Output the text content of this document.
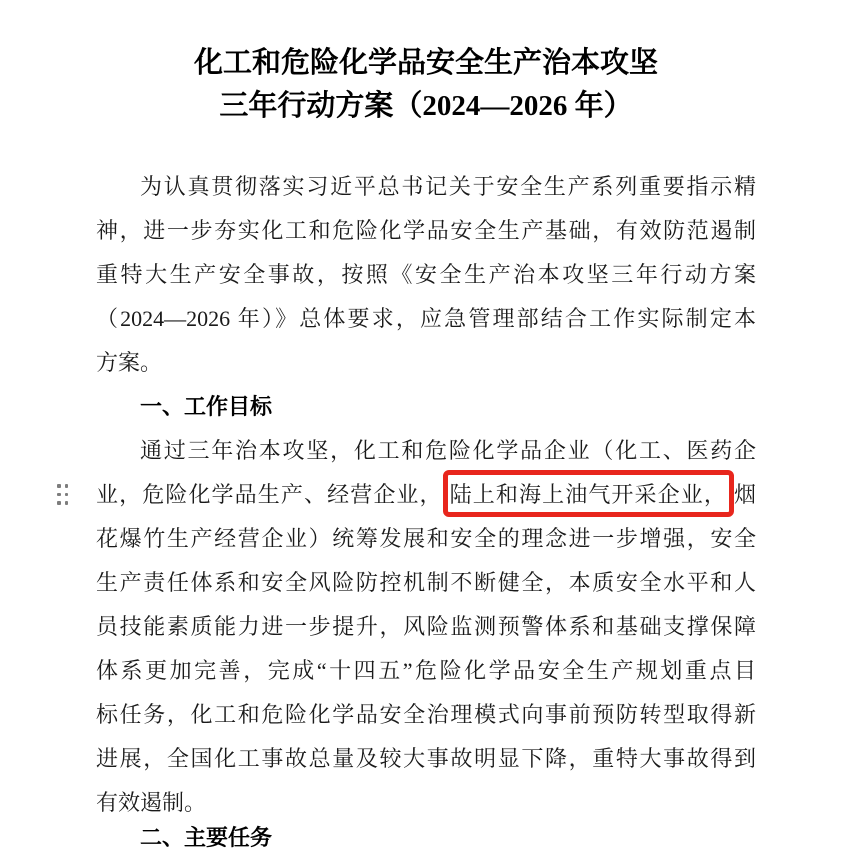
化工和危险化学品安全生产治本攻坚
三年行动方案（2024—2026 年）
为认真贯彻落实习近平总书记关于安全生产系列重要指示精
神，进一步夯实化工和危险化学品安全生产基础，有效防范遏制
重特大生产安全事故，按照《安全生产治本攻坚三年行动方案
（2024—2026 年）》总体要求，应急管理部结合工作实际制定本
方案。
一、工作目标
通过三年治本攻坚，化工和危险化学品企业（化工、医药企
业，危险化学品生产、经营企业， 陆上和海上油气开采企业， 烟
花爆竹生产经营企业）统筹发展和安全的理念进一步增强，安全
生产责任体系和安全风险防控机制不断健全，本质安全水平和人
员技能素质能力进一步提升，风险监测预警体系和基础支撑保障
体系更加完善，完成“十四五”危险化学品安全生产规划重点目
标任务，化工和危险化学品安全治理模式向事前预防转型取得新
进展，全国化工事故总量及较大事故明显下降，重特大事故得到
有效遏制。
二、主要任务
